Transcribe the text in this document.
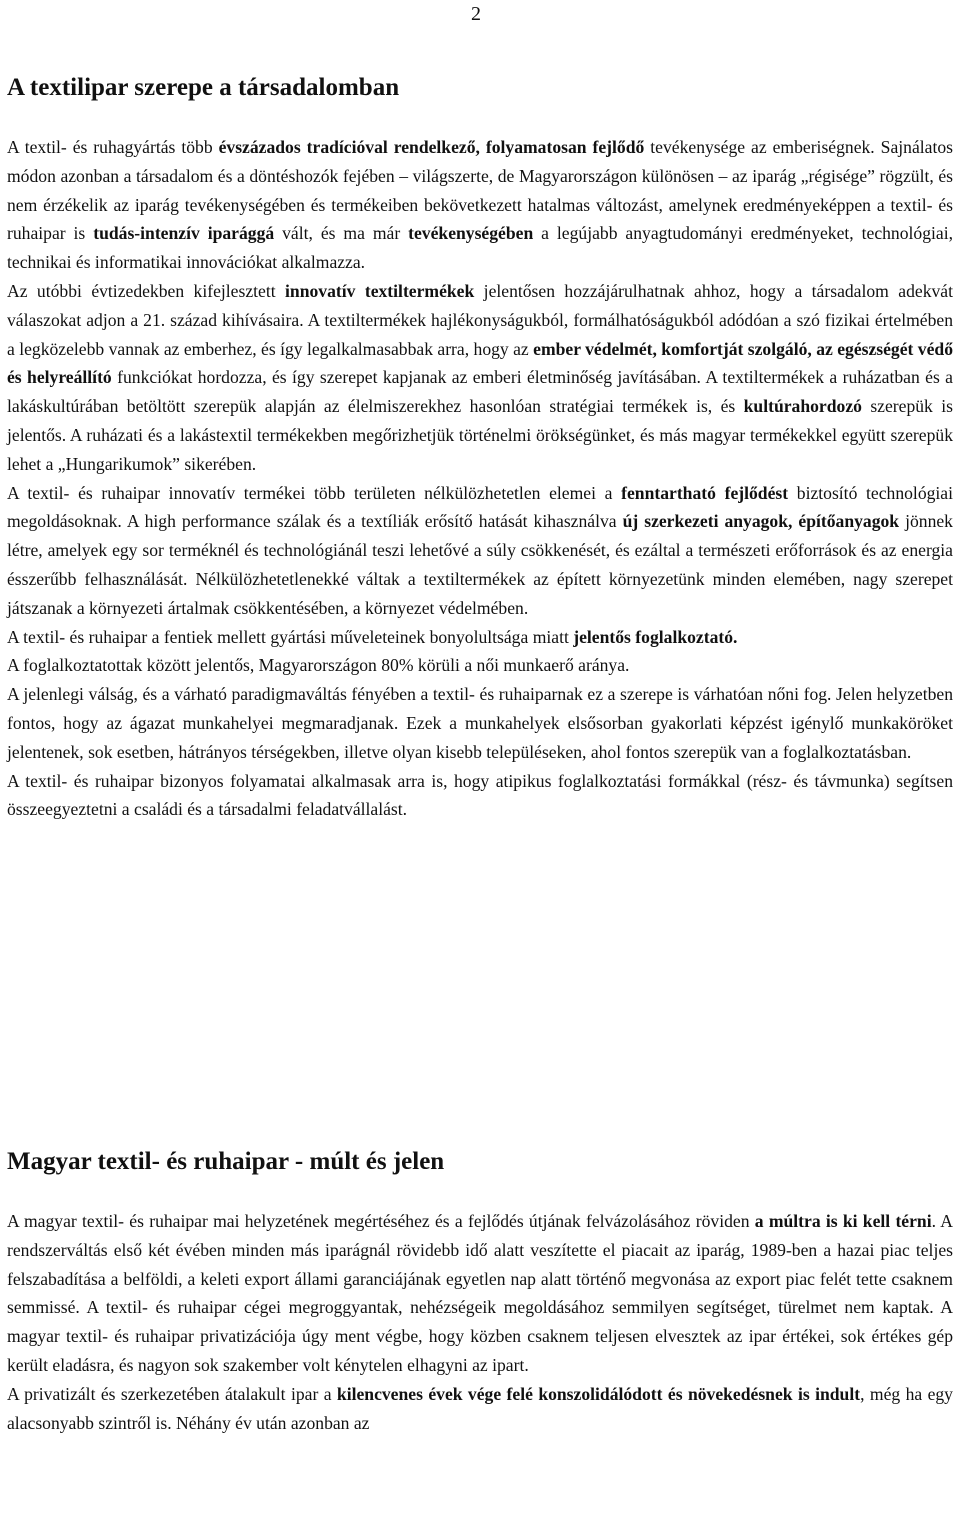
2
A textilipar szerepe a társadalomban

A textil- és ruhagyártás több évszázados tradícióval rendelkező, folyamatosan fejlődő tevékenysége az emberiségnek. Sajnálatos módon azonban a társadalom és a döntéshozók fejében – világszerte, de Magyarországon különösen – az iparág „régisége” rögzült, és nem érzékelik az iparág tevékenységében és termékeiben bekövetkezett hatalmas változást, amelynek eredményeképpen a textil- és ruhaipar is tudás-intenzív iparággá vált, és ma már tevékenységében a legújabb anyagtudományi eredményeket, technológiai, technikai és informatikai innovációkat alkalmazza.

Az utóbbi évtizedekben kifejlesztett innovatív textiltermékek jelentősen hozzájárulhatnak ahhoz, hogy a társadalom adekvát válaszokat adjon a 21. század kihívásaira. A textiltermékek hajlékonyságukból, formálhatóságukból adódóan a szó fizikai értelmében a legközelebb vannak az emberhez, és így legalkalmasabbak arra, hogy az ember védelmét, komfortját szolgáló, az egészségét védő és helyreállító funkciókat hordozza, és így szerepet kapjanak az emberi életminőség javításában. A textiltermékek a ruházatban és a lakáskultúrában betöltött szerepük alapján az élelmiszerekhez hasonlóan stratégiai termékek is, és kultúrahordozó szerepük is jelentős. A ruházati és a lakástextil termékekben megőrizhetjük történelmi örökségünket, és más magyar termékekkel együtt szerepük lehet a „Hungarikumok” sikerében.

A textil- és ruhaipar innovatív termékei több területen nélkülözhetetlen elemei a fenntartható fejlődést biztosító technológiai megoldásoknak. A high performance szálak és a textíliák erősítő hatását kihasználva új szerkezeti anyagok, építőanyagok jönnek létre, amelyek egy sor terméknél és technológiánál teszi lehetővé a súly csökkenését, és ezáltal a természeti erőforrások és az energia ésszerűbb felhasználását. Nélkülözhetetlenekké váltak a textiltermékek az épített környezetünk minden elemében, nagy szerepet játszanak a környezeti ártalmak csökkentésében, a környezet védelmében.

A textil- és ruhaipar a fentiek mellett gyártási műveleteinek bonyolultsága miatt jelentős foglalkoztató.

A foglalkoztatottak között jelentős, Magyarországon 80% körüli a női munkaerő aránya.

A jelenlegi válság, és a várható paradigmaváltás fényében a textil- és ruhaiparnak ez a szerepe is várhatóan nőni fog. Jelen helyzetben fontos, hogy az ágazat munkahelyei megmaradjanak. Ezek a munkahelyek elsősorban gyakorlati képzést igénylő munkaköröket jelentenek, sok esetben, hátrányos térségekben, illetve olyan kisebb településeken, ahol fontos szerepük van a foglalkoztatásban.

A textil- és ruhaipar bizonyos folyamatai alkalmasak arra is, hogy atipikus foglalkoztatási formákkal (rész- és távmunka) segítsen összeegyeztetni a családi és a társadalmi feladatvállalást.

Magyar textil- és ruhaipar - múlt és jelen

A magyar textil- és ruhaipar mai helyzetének megértéséhez és a fejlődés útjának felvázolásához röviden a múltra is ki kell térni. A rendszerváltás első két évében minden más iparágnál rövidebb idő alatt veszítette el piacait az iparág, 1989-ben a hazai piac teljes felszabadítása a belföldi, a keleti export állami garanciájának egyetlen nap alatt történő megvonása az export piac felét tette csaknem semmissé. A textil- és ruhaipar cégei megroggyantak, nehézségeik megoldásához semmilyen segítséget, türelmet nem kaptak. A magyar textil- és ruhaipar privatizációja úgy ment végbe, hogy közben csaknem teljesen elvesztek az ipar értékei, sok értékes gép került eladásra, és nagyon sok szakember volt kénytelen elhagyni az ipart.

A privatizált és szerkezetében átalakult ipar a kilencvenes évek vége felé konszolidálódott és növekedésnek is indult, még ha egy alacsonyabb szintről is. Néhány év után azonban az
